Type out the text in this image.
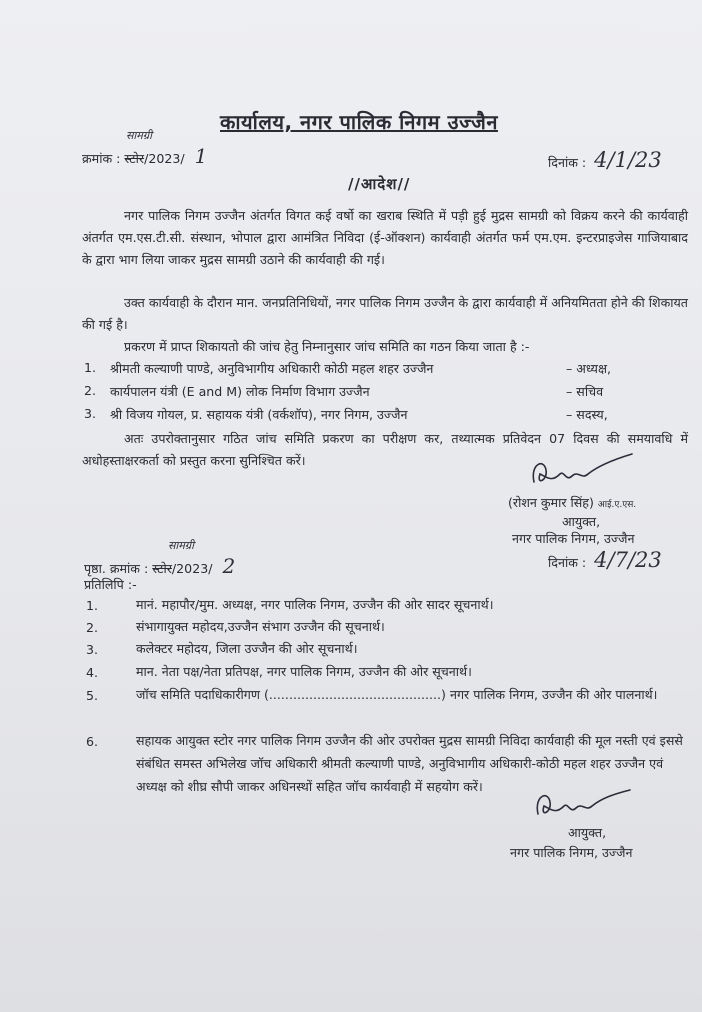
कार्यालय, नगर पालिक निगम उज्जैन
सामग्री
क्रमांक : स्टोर/2023/ 1	दिनांक : 4/1/23
//आदेश//
नगर पालिक निगम उज्जैन अंतर्गत विगत कई वर्षो का खराब स्थिति में पड़ी हुई मुद्रस सामग्री को विक्रय करने की कार्यवाही अंतर्गत एम.एस.टी.सी. संस्थान, भोपाल द्वारा आमंत्रित निविदा (ई-ऑक्शन) कार्यवाही अंतर्गत फर्म एम.एम. इन्टरप्राइजेस गाजियाबाद के द्वारा भाग लिया जाकर मुद्रस सामग्री उठाने की कार्यवाही की गई।
उक्त कार्यवाही के दौरान मान. जनप्रतिनिधियों, नगर पालिक निगम उज्जैन के द्वारा कार्यवाही में अनियमितता होने की शिकायत की गई है।
प्रकरण में प्राप्त शिकायतो की जांच हेतु निम्नानुसार जांच समिति का गठन किया जाता है :-
1. श्रीमती कल्याणी पाण्डे, अनुविभागीय अधिकारी कोठी महल शहर उज्जैन	– अध्यक्ष,
2. कार्यपालन यंत्री (E and M) लोक निर्माण विभाग उज्जैन	– सचिव
3. श्री विजय गोयल, प्र. सहायक यंत्री (वर्कशॉप), नगर निगम, उज्जैन	– सदस्य,
अतः उपरोक्तानुसार गठित जांच समिति प्रकरण का परीक्षण कर, तथ्यात्मक प्रतिवेदन 07 दिवस की समयावधि में अधोहस्ताक्षरकर्ता को प्रस्तुत करना सुनिश्चित करें।
(रोशन कुमार सिंह) आई.ए.एस.
आयुक्त,
नगर पालिक निगम, उज्जैन
सामग्री
पृष्ठा. क्रमांक : स्टोर/2023/ 2	दिनांक : 4/7/23
प्रतिलिपि :-
1.	मानं. महापौर/मुम. अध्यक्ष, नगर पालिक निगम, उज्जैन की ओर सादर सूचनार्थ।
2.	संभागायुक्त महोदय,उज्जैन संभाग उज्जैन की सूचनार्थ।
3.	कलेक्टर महोदय, जिला उज्जैन की ओर सूचनार्थ।
4.	मान. नेता पक्ष/नेता प्रतिपक्ष, नगर पालिक निगम, उज्जैन की ओर सूचनार्थ।
5.	जॉच समिति पदाधिकारीगण (...........................................) नगर पालिक निगम, उज्जैन की ओर पालनार्थ।
6.	सहायक आयुक्त स्टोर नगर पालिक निगम उज्जैन की ओर उपरोक्त मुद्रस सामग्री निविदा कार्यवाही की मूल नस्ती एवं इससे संबंधित समस्त अभिलेख जॉच अधिकारी श्रीमती कल्याणी पाण्डे, अनुविभागीय अधिकारी-कोठी महल शहर उज्जैन एवं अध्यक्ष को शीघ्र सौपी जाकर अधिनस्थों सहित जॉच कार्यवाही में सहयोग करें।
आयुक्त,
नगर पालिक निगम, उज्जैन
